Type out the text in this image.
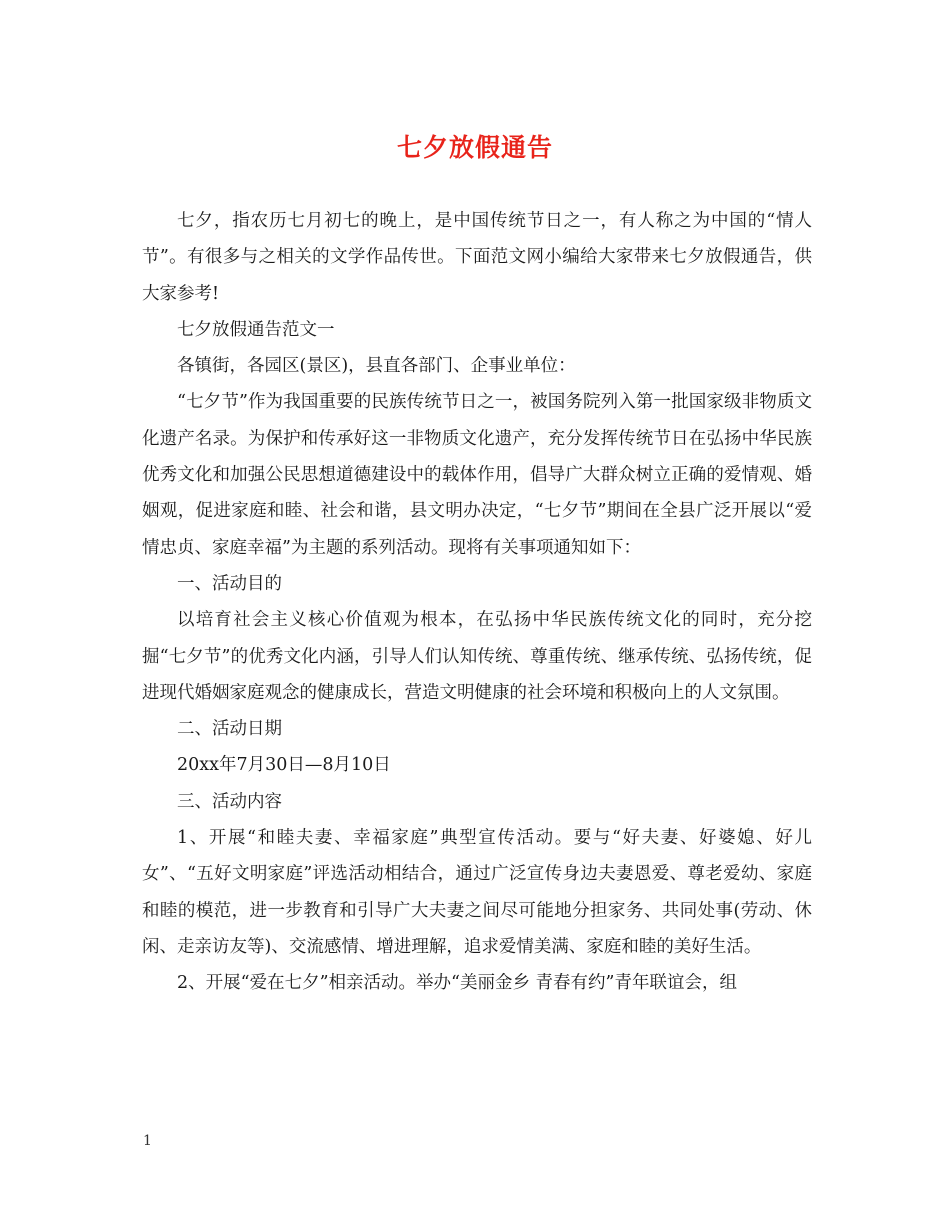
七夕放假通告

七夕，指农历七月初七的晚上，是中国传统节日之一，有人称之为中国的“情人节”。有很多与之相关的文学作品传世。下面范文网小编给大家带来七夕放假通告，供大家参考!

七夕放假通告范文一

各镇街，各园区(景区)，县直各部门、企事业单位：

“七夕节”作为我国重要的民族传统节日之一，被国务院列入第一批国家级非物质文化遗产名录。为保护和传承好这一非物质文化遗产，充分发挥传统节日在弘扬中华民族优秀文化和加强公民思想道德建设中的载体作用，倡导广大群众树立正确的爱情观、婚姻观，促进家庭和睦、社会和谐，县文明办决定，“七夕节”期间在全县广泛开展以“爱情忠贞、家庭幸福”为主题的系列活动。现将有关事项通知如下：

一、活动目的

以培育社会主义核心价值观为根本，在弘扬中华民族传统文化的同时，充分挖掘“七夕节”的优秀文化内涵，引导人们认知传统、尊重传统、继承传统、弘扬传统，促进现代婚姻家庭观念的健康成长，营造文明健康的社会环境和积极向上的人文氛围。

二、活动日期

20xx年7月30日—8月10日

三、活动内容

1、开展“和睦夫妻、幸福家庭”典型宣传活动。要与“好夫妻、好婆媳、好儿女”、“五好文明家庭”评选活动相结合，通过广泛宣传身边夫妻恩爱、尊老爱幼、家庭和睦的模范，进一步教育和引导广大夫妻之间尽可能地分担家务、共同处事(劳动、休闲、走亲访友等)、交流感情、增进理解，追求爱情美满、家庭和睦的美好生活。

2、开展“爱在七夕”相亲活动。举办“美丽金乡 青春有约”青年联谊会，组

1
